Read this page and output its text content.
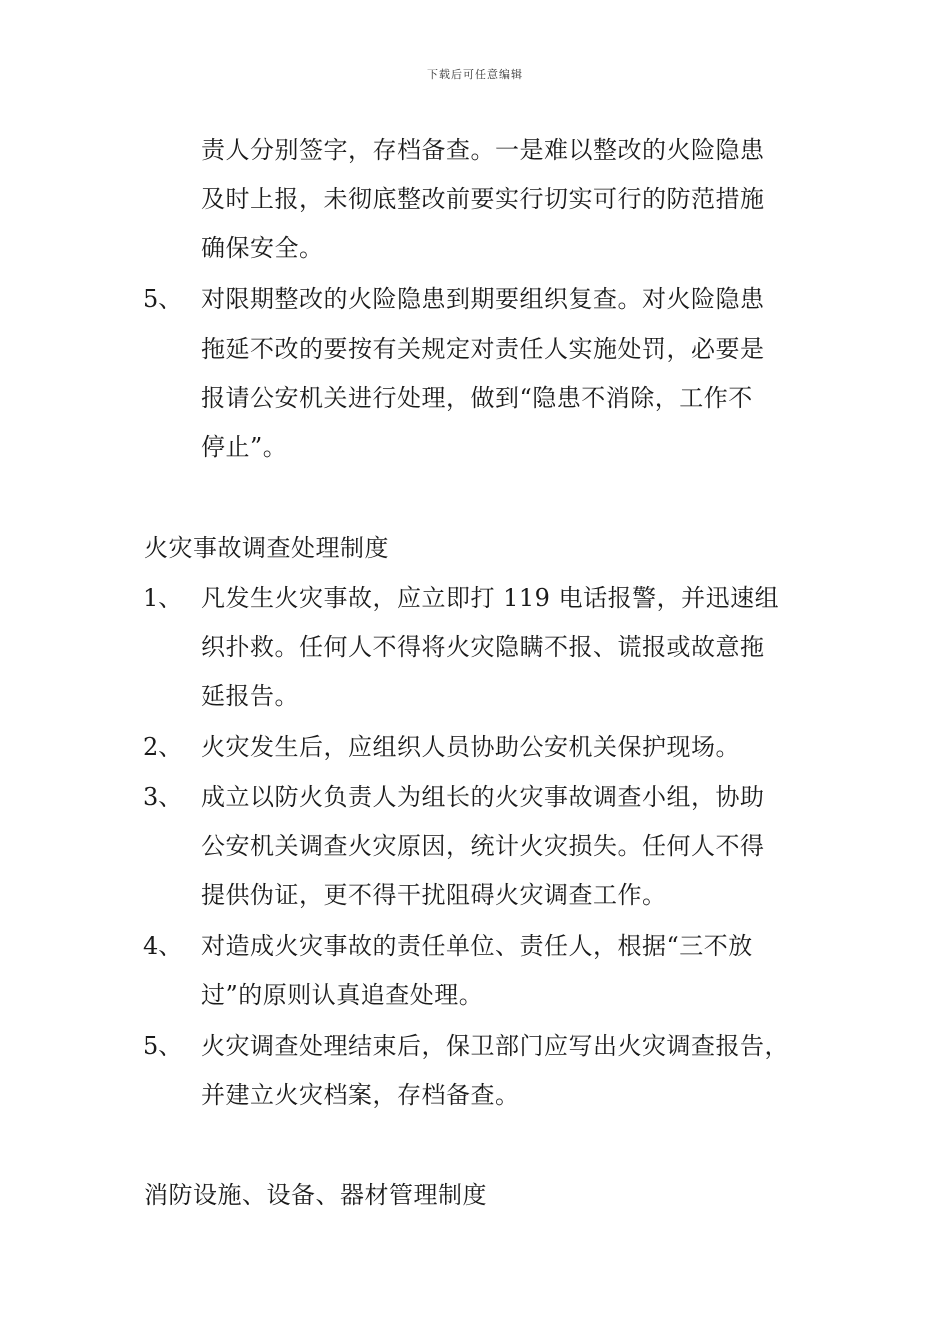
下载后可任意编辑
责人分别签字，存档备查。一是难以整改的火险隐患
及时上报，未彻底整改前要实行切实可行的防范措施
确保安全。
5、 对限期整改的火险隐患到期要组织复查。对火险隐患
拖延不改的要按有关规定对责任人实施处罚，必要是
报请公安机关进行处理，做到“隐患不消除，工作不
停止”。
火灾事故调查处理制度
1、 凡发生火灾事故，应立即打 119 电话报警，并迅速组
织扑救。任何人不得将火灾隐瞒不报、谎报或故意拖
延报告。
2、 火灾发生后，应组织人员协助公安机关保护现场。
3、 成立以防火负责人为组长的火灾事故调查小组，协助
公安机关调查火灾原因，统计火灾损失。任何人不得
提供伪证，更不得干扰阻碍火灾调查工作。
4、 对造成火灾事故的责任单位、责任人，根据“三不放
过”的原则认真追查处理。
5、 火灾调查处理结束后，保卫部门应写出火灾调查报告，
并建立火灾档案，存档备查。
消防设施、设备、器材管理制度
